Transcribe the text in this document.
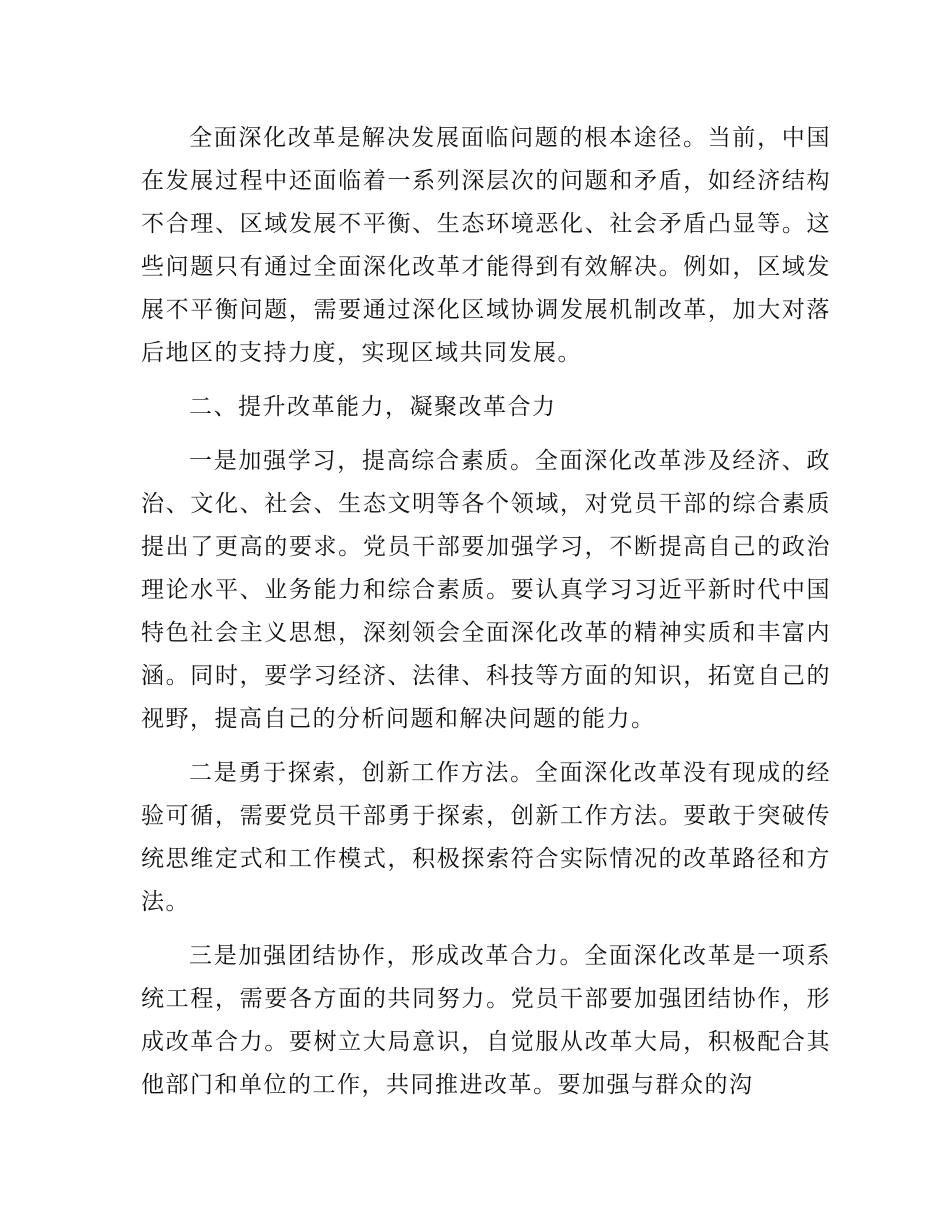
全面深化改革是解决发展面临问题的根本途径。当前，中国在发展过程中还面临着一系列深层次的问题和矛盾，如经济结构不合理、区域发展不平衡、生态环境恶化、社会矛盾凸显等。这些问题只有通过全面深化改革才能得到有效解决。例如，区域发展不平衡问题，需要通过深化区域协调发展机制改革，加大对落后地区的支持力度，实现区域共同发展。

二、提升改革能力，凝聚改革合力

一是加强学习，提高综合素质。全面深化改革涉及经济、政治、文化、社会、生态文明等各个领域，对党员干部的综合素质提出了更高的要求。党员干部要加强学习，不断提高自己的政治理论水平、业务能力和综合素质。要认真学习习近平新时代中国特色社会主义思想，深刻领会全面深化改革的精神实质和丰富内涵。同时，要学习经济、法律、科技等方面的知识，拓宽自己的视野，提高自己的分析问题和解决问题的能力。

二是勇于探索，创新工作方法。全面深化改革没有现成的经验可循，需要党员干部勇于探索，创新工作方法。要敢于突破传统思维定式和工作模式，积极探索符合实际情况的改革路径和方法。

三是加强团结协作，形成改革合力。全面深化改革是一项系统工程，需要各方面的共同努力。党员干部要加强团结协作，形成改革合力。要树立大局意识，自觉服从改革大局，积极配合其他部门和单位的工作，共同推进改革。要加强与群众的沟
